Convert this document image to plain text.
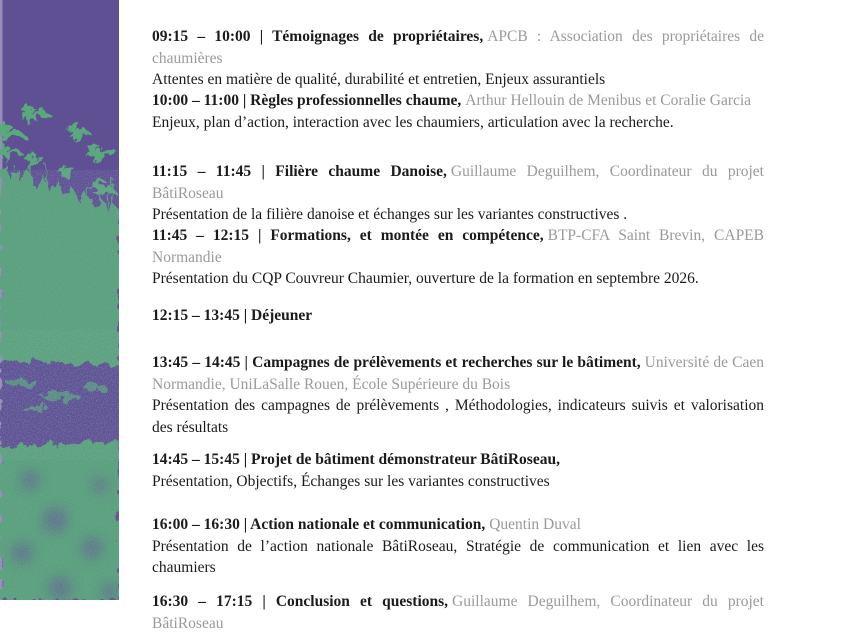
09:15 – 10:00 | Témoignages de propriétaires, APCB : Association des propriétaires de chaumières
Attentes en matière de qualité, durabilité et entretien, Enjeux assurantiels
10:00 – 11:00 | Règles professionnelles chaume, Arthur Hellouin de Menibus et Coralie Garcia
Enjeux, plan d’action, interaction avec les chaumiers, articulation avec la recherche.
11:15 – 11:45 | Filière chaume Danoise, Guillaume Deguilhem, Coordinateur du projet BâtiRoseau
Présentation de la filière danoise et échanges sur les variantes constructives .
11:45 – 12:15 | Formations, et montée en compétence, BTP-CFA Saint Brevin, CAPEB Normandie
Présentation du CQP Couvreur Chaumier, ouverture de la formation en septembre 2026.
12:15 – 13:45 | Déjeuner
13:45 – 14:45 | Campagnes de prélèvements et recherches sur le bâtiment, Université de Caen Normandie, UniLaSalle Rouen, École Supérieure du Bois
Présentation des campagnes de prélèvements , Méthodologies, indicateurs suivis et valorisation des résultats
14:45 – 15:45 | Projet de bâtiment démonstrateur BâtiRoseau,
Présentation, Objectifs, Échanges sur les variantes constructives
16:00 – 16:30 | Action nationale et communication, Quentin Duval
Présentation de l’action nationale BâtiRoseau, Stratégie de communication et lien avec les chaumiers
16:30 – 17:15 | Conclusion et questions, Guillaume Deguilhem, Coordinateur du projet BâtiRoseau
